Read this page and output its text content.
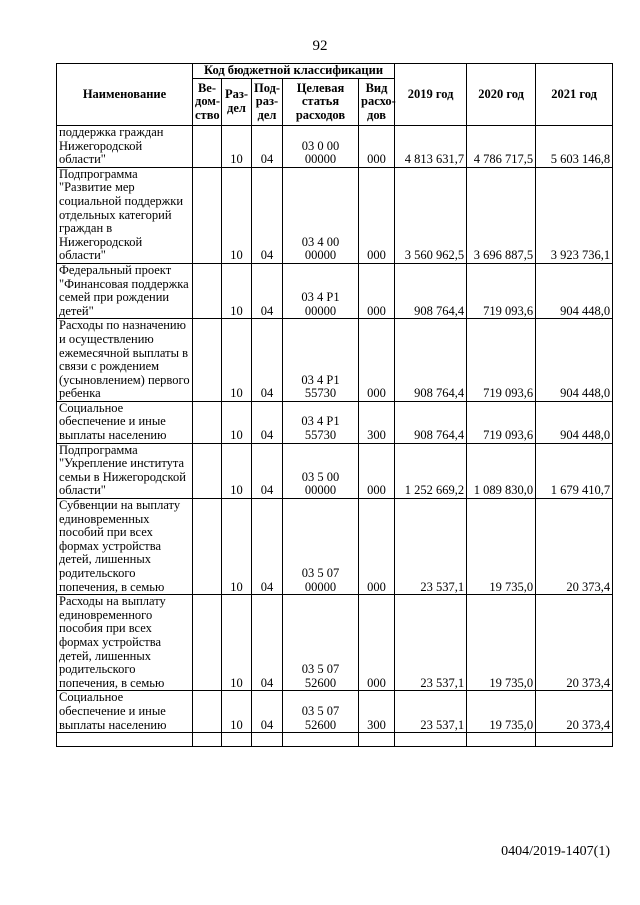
92
Наименование	Код бюджетной классификации					2019 год	2020 год	2021 год
	Ве- дом- ство	Раз- дел	Под- раз- дел	Целевая статья расходов	Вид расхо- дов			
поддержка граждан Нижегородской области"		10	04	03 0 00 00000	000	4 813 631,7	4 786 717,5	5 603 146,8
Подпрограмма "Развитие мер социальной поддержки отдельных категорий граждан в Нижегородской области"		10	04	03 4 00 00000	000	3 560 962,5	3 696 887,5	3 923 736,1
Федеральный проект "Финансовая поддержка семей при рождении детей"		10	04	03 4 P1 00000	000	908 764,4	719 093,6	904 448,0
Расходы по назначению и осуществлению ежемесячной выплаты в связи с рождением (усыновлением) первого ребенка		10	04	03 4 P1 55730	000	908 764,4	719 093,6	904 448,0
Социальное обеспечение и иные выплаты населению		10	04	03 4 P1 55730	300	908 764,4	719 093,6	904 448,0
Подпрограмма "Укрепление института семьи в Нижегородской области"		10	04	03 5 00 00000	000	1 252 669,2	1 089 830,0	1 679 410,7
Субвенции на выплату единовременных пособий при всех формах устройства детей, лишенных родительского попечения, в семью		10	04	03 5 07 00000	000	23 537,1	19 735,0	20 373,4
Расходы на выплату единовременного пособия при всех формах устройства детей, лишенных родительского попечения, в семью		10	04	03 5 07 52600	000	23 537,1	19 735,0	20 373,4
Социальное обеспечение и иные выплаты населению		10	04	03 5 07 52600	300	23 537,1	19 735,0	20 373,4

0404/2019-1407(1)
